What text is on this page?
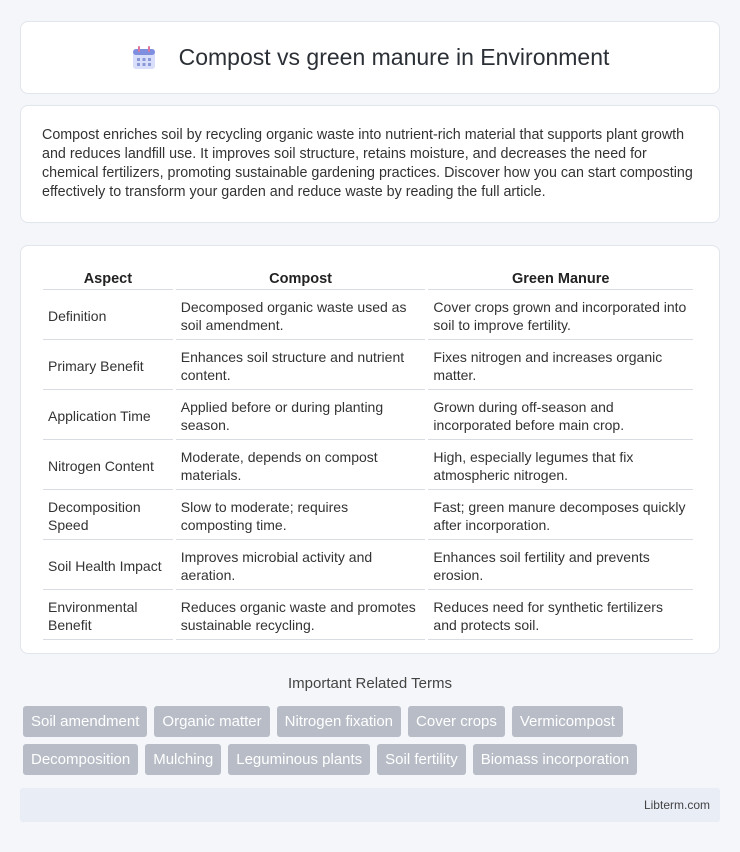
Compost vs green manure in Environment

Compost enriches soil by recycling organic waste into nutrient-rich material that supports plant growth and reduces landfill use. It improves soil structure, retains moisture, and decreases the need for chemical fertilizers, promoting sustainable gardening practices. Discover how you can start composting effectively to transform your garden and reduce waste by reading the full article.

Aspect	Compost	Green Manure
Definition	Decomposed organic waste used as soil amendment.	Cover crops grown and incorporated into soil to improve fertility.
Primary Benefit	Enhances soil structure and nutrient content.	Fixes nitrogen and increases organic matter.
Application Time	Applied before or during planting season.	Grown during off-season and incorporated before main crop.
Nitrogen Content	Moderate, depends on compost materials.	High, especially legumes that fix atmospheric nitrogen.
Decomposition Speed	Slow to moderate; requires composting time.	Fast; green manure decomposes quickly after incorporation.
Soil Health Impact	Improves microbial activity and aeration.	Enhances soil fertility and prevents erosion.
Environmental Benefit	Reduces organic waste and promotes sustainable recycling.	Reduces need for synthetic fertilizers and protects soil.
Important Related Terms
Soil amendment	Organic matter	Nitrogen fixation	Cover crops	Vermicompost
Decomposition	Mulching	Leguminous plants	Soil fertility	Biomass incorporation
Libterm.com
